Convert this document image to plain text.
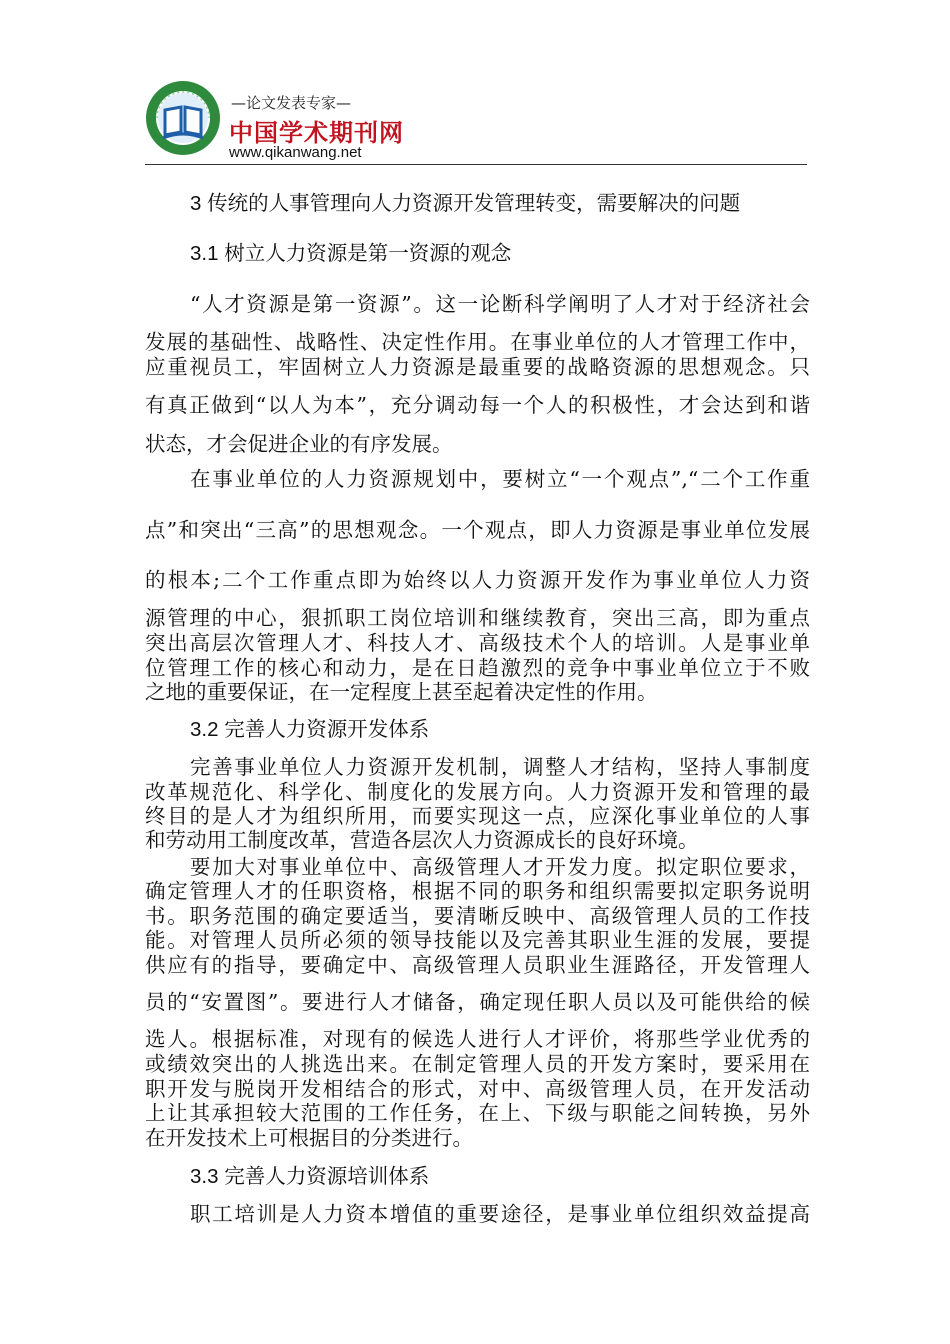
—论文发表专家—
中国学术期刊网
www.qikanwang.net
3 传统的人事管理向人力资源开发管理转变，需要解决的问题
3.1 树立人力资源是第一资源的观念
“人才资源是第一资源”。这一论断科学阐明了人才对于经济社会
发展的基础性、战略性、决定性作用。在事业单位的人才管理工作中，
应重视员工，牢固树立人力资源是最重要的战略资源的思想观念。只
有真正做到“以人为本”，充分调动每一个人的积极性，才会达到和谐
状态，才会促进企业的有序发展。
在事业单位的人力资源规划中，要树立“一个观点”,“二个工作重
点”和突出“三高”的思想观念。一个观点，即人力资源是事业单位发展
的根本;二个工作重点即为始终以人力资源开发作为事业单位人力资
源管理的中心，狠抓职工岗位培训和继续教育，突出三高，即为重点
突出高层次管理人才、科技人才、高级技术个人的培训。人是事业单
位管理工作的核心和动力，是在日趋激烈的竞争中事业单位立于不败
之地的重要保证，在一定程度上甚至起着决定性的作用。
3.2 完善人力资源开发体系
完善事业单位人力资源开发机制，调整人才结构，坚持人事制度
改革规范化、科学化、制度化的发展方向。人力资源开发和管理的最
终目的是人才为组织所用，而要实现这一点，应深化事业单位的人事
和劳动用工制度改革，营造各层次人力资源成长的良好环境。
要加大对事业单位中、高级管理人才开发力度。拟定职位要求，
确定管理人才的任职资格，根据不同的职务和组织需要拟定职务说明
书。职务范围的确定要适当，要清晰反映中、高级管理人员的工作技
能。对管理人员所必须的领导技能以及完善其职业生涯的发展，要提
供应有的指导，要确定中、高级管理人员职业生涯路径，开发管理人
员的“安置图”。要进行人才储备，确定现任职人员以及可能供给的候
选人。根据标准，对现有的候选人进行人才评价，将那些学业优秀的
或绩效突出的人挑选出来。在制定管理人员的开发方案时，要采用在
职开发与脱岗开发相结合的形式，对中、高级管理人员，在开发活动
上让其承担较大范围的工作任务，在上、下级与职能之间转换，另外
在开发技术上可根据目的分类进行。
3.3 完善人力资源培训体系
职工培训是人力资本增值的重要途径，是事业单位组织效益提高
